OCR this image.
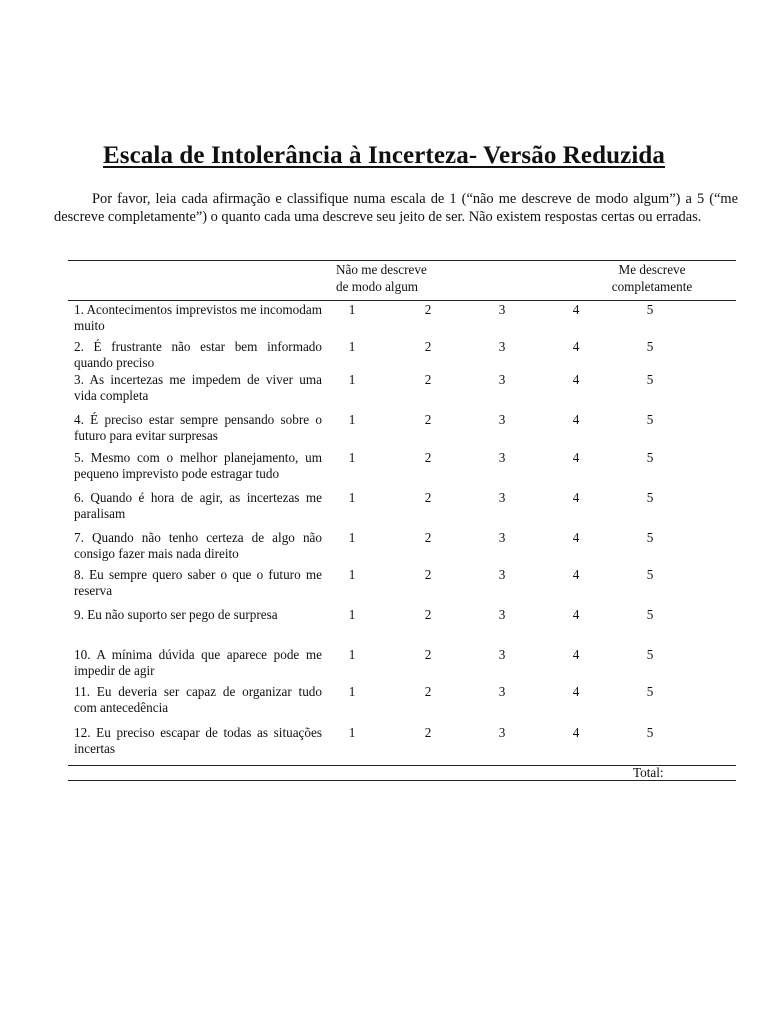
Escala de Intolerância à Incerteza- Versão Reduzida

Por favor, leia cada afirmação e classifique numa escala de 1 (“não me descreve de modo algum”) a 5 (“me descreve completamente”) o quanto cada uma descreve seu jeito de ser. Não existem respostas certas ou erradas.

Não me descreve de modo algum
Me descreve completamente
1. Acontecimentos imprevistos me incomodam muito
1	2	3	4	5
2. É frustrante não estar bem informado quando preciso
1	2	3	4	5
3. As incertezas me impedem de viver uma vida completa
1	2	3	4	5
4. É preciso estar sempre pensando sobre o futuro para evitar surpresas
1	2	3	4	5
5. Mesmo com o melhor planejamento, um pequeno imprevisto pode estragar tudo
1	2	3	4	5
6. Quando é hora de agir, as incertezas me paralisam
1	2	3	4	5
7. Quando não tenho certeza de algo não consigo fazer mais nada direito
1	2	3	4	5
8. Eu sempre quero saber o que o futuro me reserva
1	2	3	4	5
9. Eu não suporto ser pego de surpresa	1	2	3	4	5
10. A mínima dúvida que aparece pode me impedir de agir
1	2	3	4	5
11. Eu deveria ser capaz de organizar tudo com antecedência
1	2	3	4	5
12. Eu preciso escapar de todas as situações incertas
1	2	3	4	5
Total:
